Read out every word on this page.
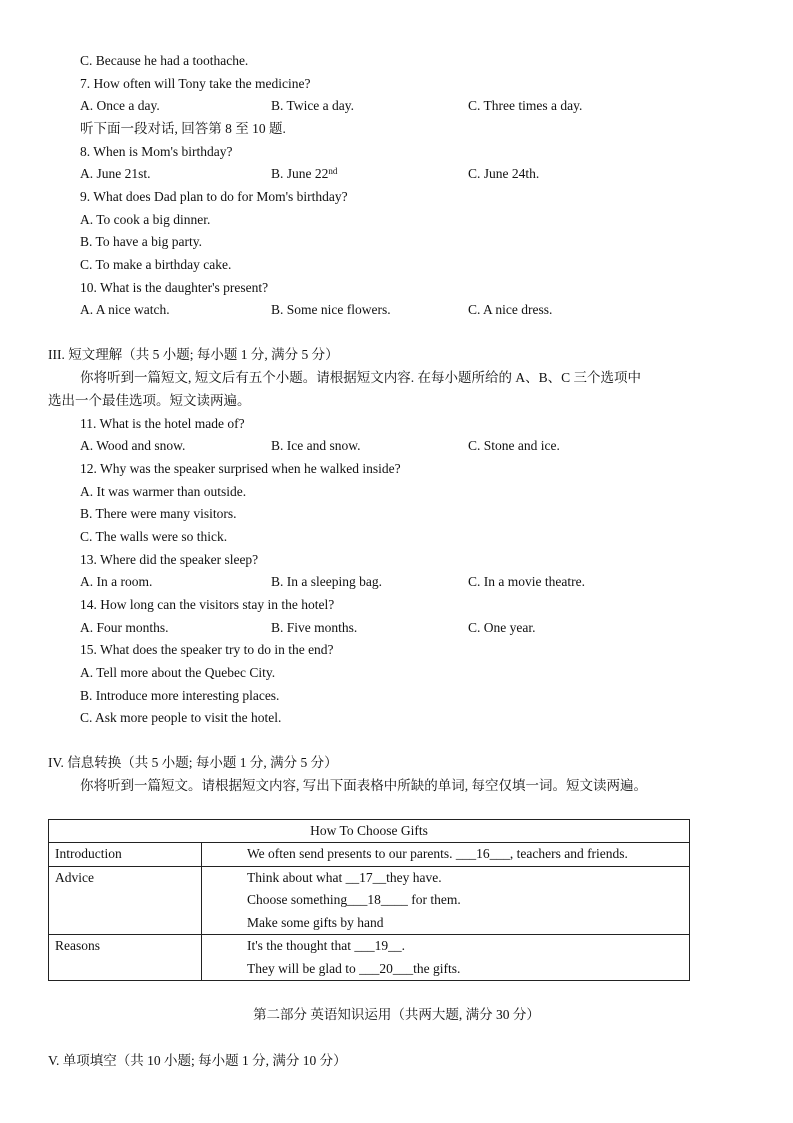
C. Because he had a toothache.
7. How often will Tony take the medicine?
A. Once a day.	B. Twice a day.	C. Three times a day.
听下面一段对话, 回答第 8 至 10 题.
8. When is Mom's birthday?
A. June 21st.	B. June 22nd	C. June 24th.
9. What does Dad plan to do for Mom's birthday?
A. To cook a big dinner.
B. To have a big party.
C. To make a birthday cake.
10. What is the daughter's present?
A. A nice watch.	B. Some nice flowers.	C. A nice dress.
III. 短文理解（共 5 小题; 每小题 1 分, 满分 5 分）
你将听到一篇短文, 短文后有五个小题。请根据短文内容. 在每小题所给的 A、B、C 三个选项中
选出一个最佳选项。短文读两遍。
11. What is the hotel made of?
A. Wood and snow.	B. Ice and snow.	C. Stone and ice.
12. Why was the speaker surprised when he walked inside?
A. It was warmer than outside.
B. There were many visitors.
C. The walls were so thick.
13. Where did the speaker sleep?
A. In a room.	B. In a sleeping bag.	C. In a movie theatre.
14. How long can the visitors stay in the hotel?
A. Four months.	B. Five months.	C. One year.
15. What does the speaker try to do in the end?
A. Tell more about the Quebec City.
B. Introduce more interesting places.
C. Ask more people to visit the hotel.
IV. 信息转换（共 5 小题; 每小题 1 分, 满分 5 分）
你将听到一篇短文。请根据短文内容, 写出下面表格中所缺的单词, 每空仅填一词。短文读两遍。
How To Choose Gifts	

Introduction	We often send presents to our parents. ___16___, teachers and friends.

Advice	Think about what __17__they have.
Choose something___18____ for them.
Make some gifts by hand

Reasons	It's the thought that ___19__.
They will be glad to ___20___the gifts.
第二部分 英语知识运用（共两大题, 满分 30 分）
V. 单项填空（共 10 小题; 每小题 1 分, 满分 10 分）
